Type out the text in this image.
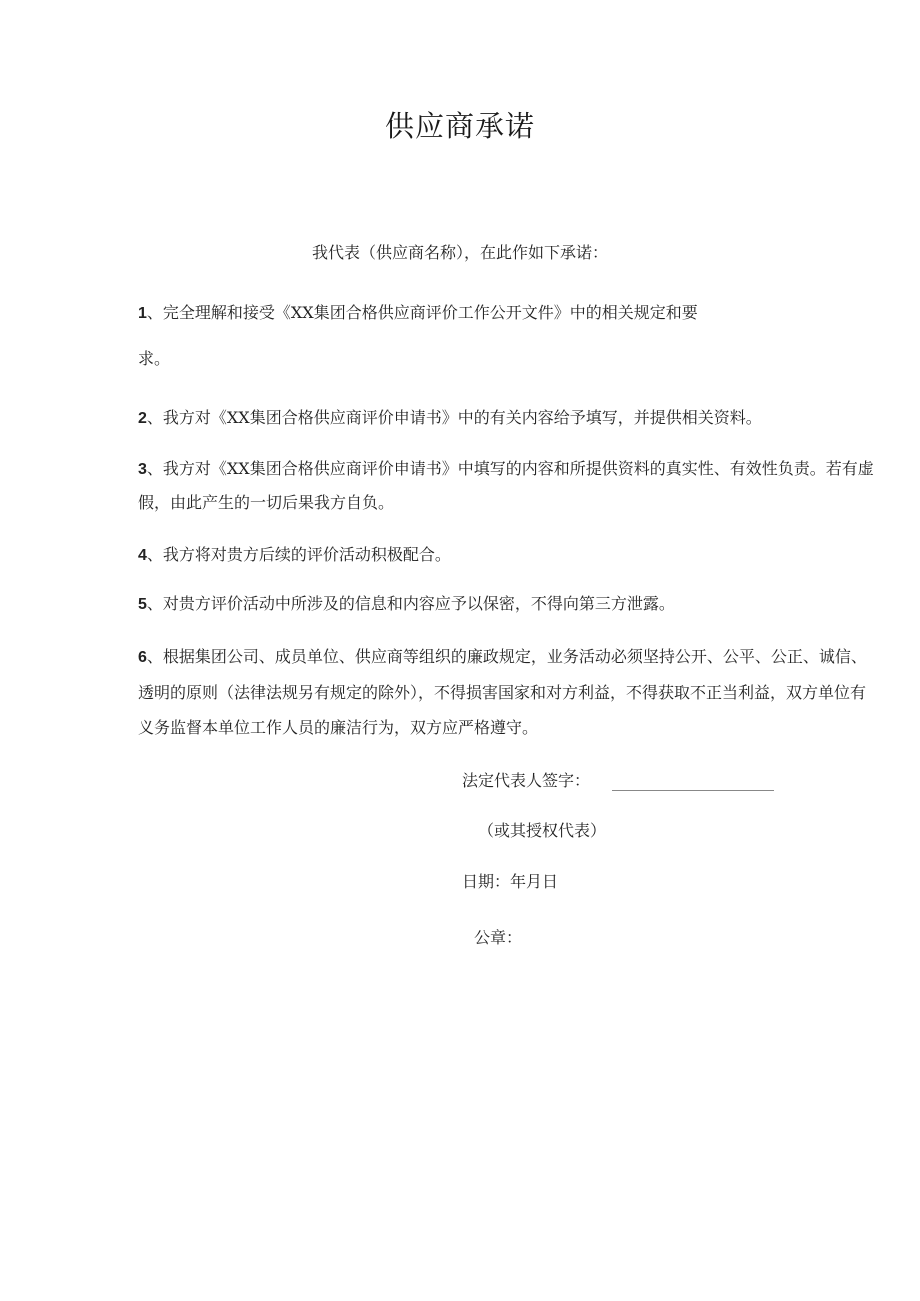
供应商承诺
我代表（供应商名称），在此作如下承诺：

1、完全理解和接受《XX集团合格供应商评价工作公开文件》中的相关规定和要

求。

2、我方对《XX集团合格供应商评价申请书》中的有关内容给予填写，并提供相关资料。

3、我方对《XX集团合格供应商评价申请书》中填写的内容和所提供资料的真实性、有效性负责。若有虚假，由此产生的一切后果我方自负。

4、我方将对贵方后续的评价活动积极配合。

5、对贵方评价活动中所涉及的信息和内容应予以保密，不得向第三方泄露。

6、根据集团公司、成员单位、供应商等组织的廉政规定，业务活动必须坚持公开、公平、公正、诚信、透明的原则（法律法规另有规定的除外），不得损害国家和对方利益，不得获取不正当利益，双方单位有义务监督本单位工作人员的廉洁行为，双方应严格遵守。

法定代表人签字：
（或其授权代表）
日期：年月日
公章：
